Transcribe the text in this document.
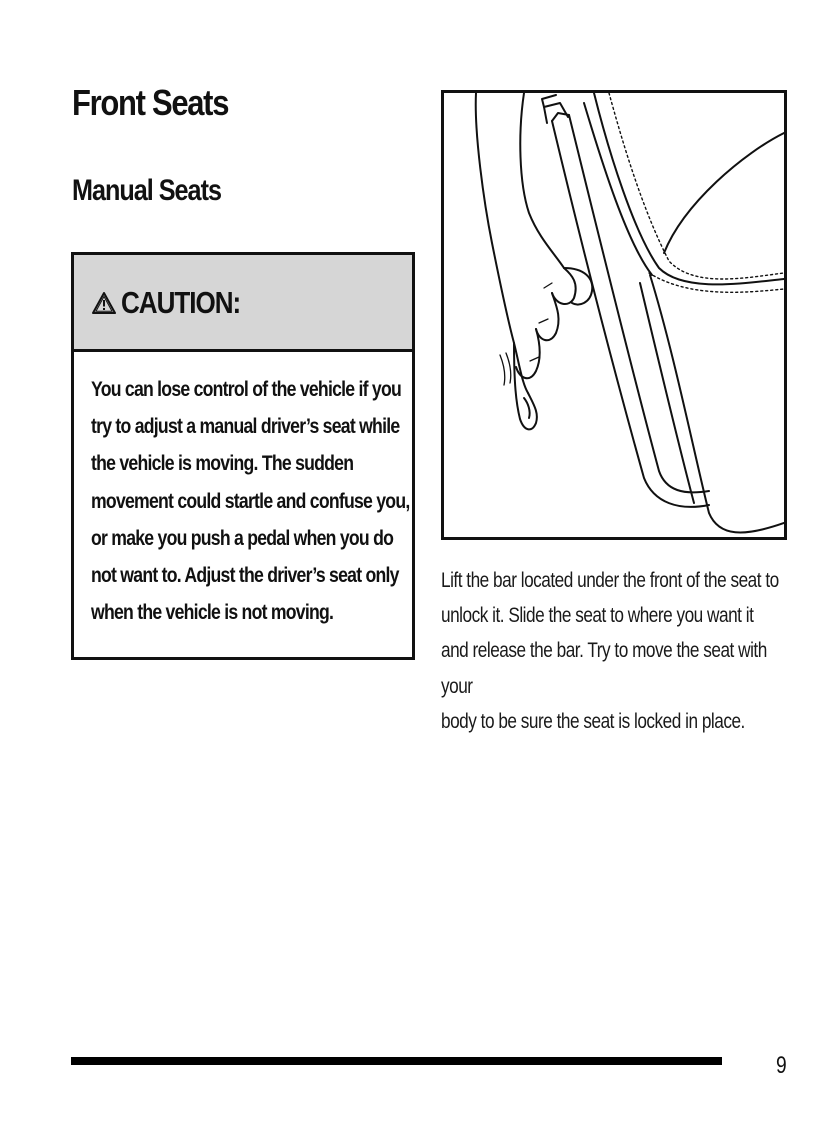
Front Seats
Manual Seats
CAUTION:

You can lose control of the vehicle if you
try to adjust a manual driver’s seat while
the vehicle is moving. The sudden
movement could startle and confuse you,
or make you push a pedal when you do
not want to. Adjust the driver’s seat only
when the vehicle is not moving.

Lift the bar located under the front of the seat to
unlock it. Slide the seat to where you want it
and release the bar. Try to move the seat with your
body to be sure the seat is locked in place.

9
